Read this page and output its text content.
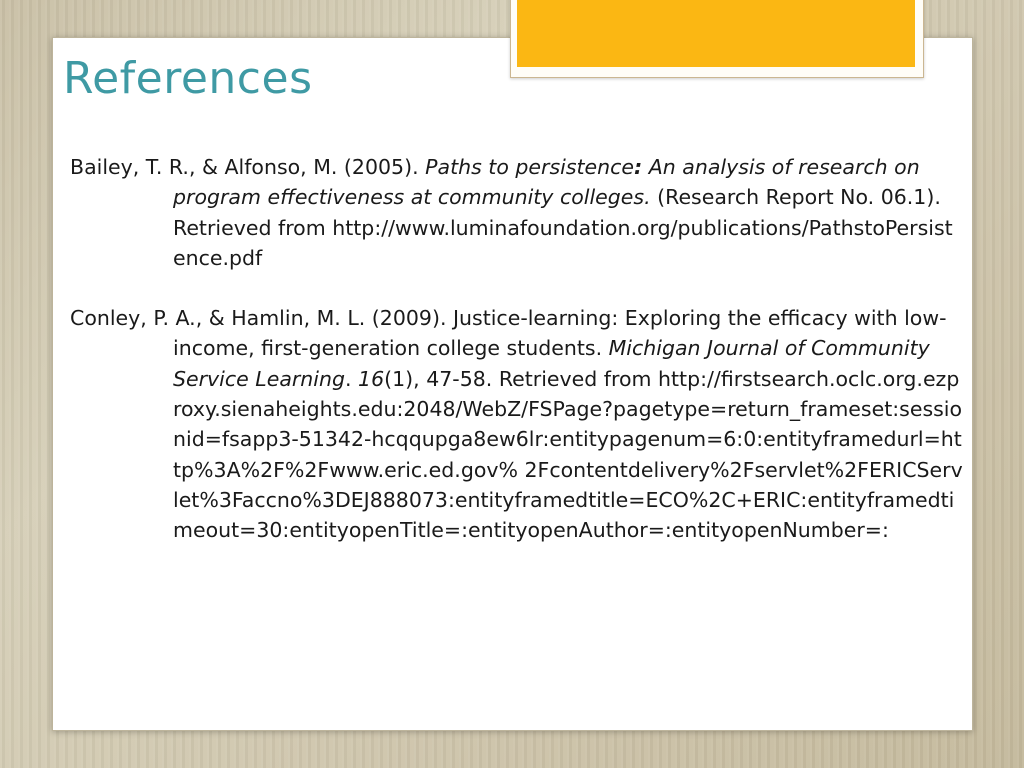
References

Bailey, T. R., & Alfonso, M. (2005). Paths to persistence: An analysis of research on program effectiveness at community colleges. (Research Report No. 06.1). Retrieved from http://www.luminafoundation.org/publications/PathstoPersistence.pdf

Conley, P. A., & Hamlin, M. L. (2009). Justice-learning: Exploring the efficacy with low-income, first-generation college students. Michigan Journal of Community Service Learning. 16(1), 47-58. Retrieved from http://firstsearch.oclc.org.ezproxy.sienaheights.edu:2048/WebZ/FSPage?pagetype=return_frameset:sessionid=fsapp3-51342-hcqqupga8ew6lr:entitypagenum=6:0:entityframedurl=http%3A%2F%2Fwww.eric.ed.gov% 2Fcontentdelivery%2Fservlet%2FERICServlet%3Faccno%3DEJ888073:entityframedtitle=ECO%2C+ERIC:entityframedtimeout=30:entityopenTitle=:entityopenAuthor=:entityopenNumber=:
